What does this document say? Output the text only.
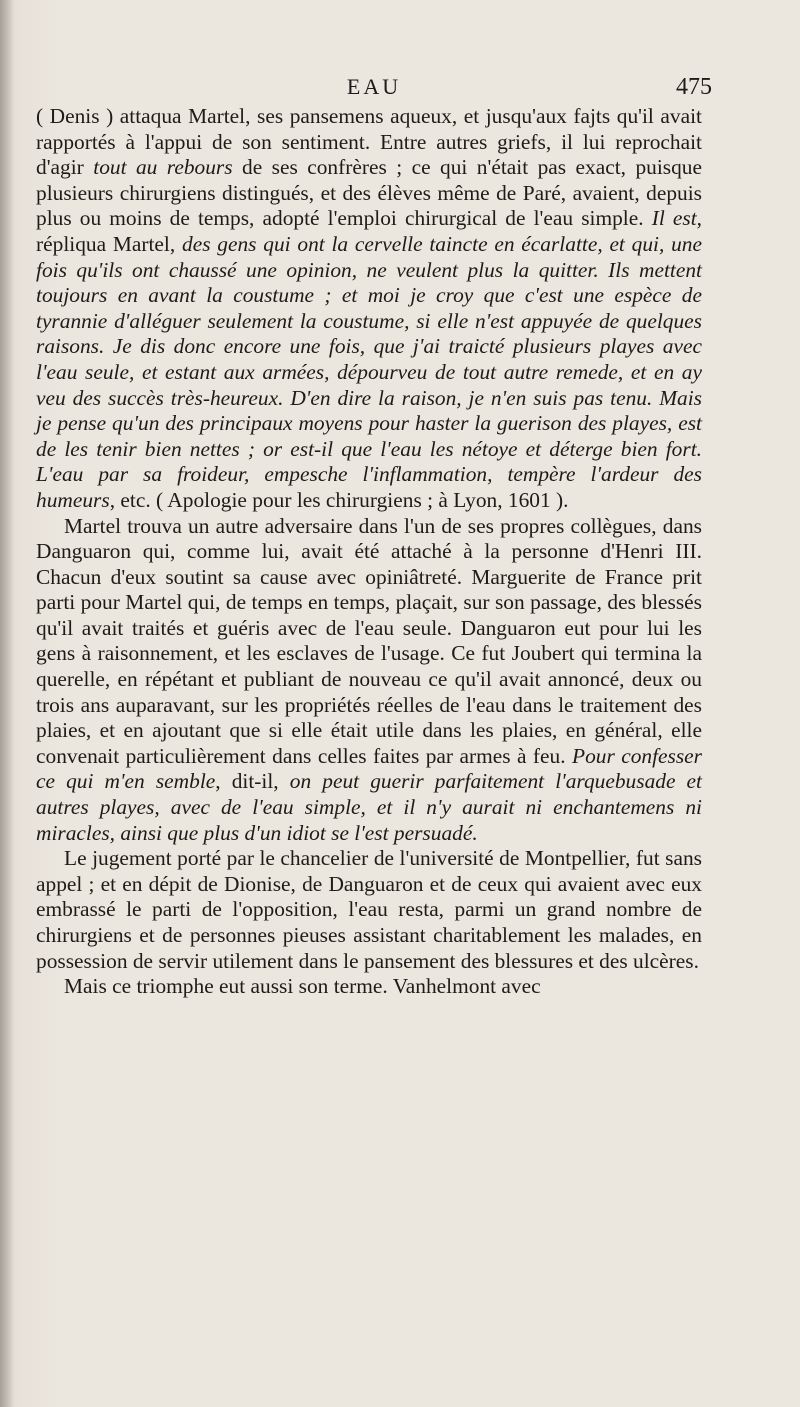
EAU	475

( Denis ) attaqua Martel, ses pansemens aqueux, et jusqu'aux fajts qu'il avait rapportés à l'appui de son sentiment. Entre autres griefs, il lui reprochait d'agir tout au rebours de ses confrères ; ce qui n'était pas exact, puisque plusieurs chirurgiens distingués, et des élèves même de Paré, avaient, depuis plus ou moins de temps, adopté l'emploi chirurgical de l'eau simple. Il est, répliqua Martel, des gens qui ont la cervelle taincte en écarlatte, et qui, une fois qu'ils ont chaussé une opinion, ne veulent plus la quitter. Ils mettent toujours en avant la coustume ; et moi je croy que c'est une espèce de tyrannie d'alléguer seulement la coustume, si elle n'est appuyée de quelques raisons. Je dis donc encore une fois, que j'ai traicté plusieurs playes avec l'eau seule, et estant aux armées, dépourveu de tout autre remede, et en ay veu des succès très-heureux. D'en dire la raison, je n'en suis pas tenu. Mais je pense qu'un des principaux moyens pour haster la guerison des playes, est de les tenir bien nettes ; or est-il que l'eau les nétoye et déterge bien fort. L'eau par sa froideur, empesche l'inflammation, tempère l'ardeur des humeurs, etc. ( Apologie pour les chirurgiens ; à Lyon, 1601 ).

Martel trouva un autre adversaire dans l'un de ses propres collègues, dans Danguaron qui, comme lui, avait été attaché à la personne d'Henri III. Chacun d'eux soutint sa cause avec opiniâtreté. Marguerite de France prit parti pour Martel qui, de temps en temps, plaçait, sur son passage, des blessés qu'il avait traités et guéris avec de l'eau seule. Danguaron eut pour lui les gens à raisonnement, et les esclaves de l'usage. Ce fut Joubert qui termina la querelle, en répétant et publiant de nouveau ce qu'il avait annoncé, deux ou trois ans auparavant, sur les propriétés réelles de l'eau dans le traitement des plaies, et en ajoutant que si elle était utile dans les plaies, en général, elle convenait particulièrement dans celles faites par armes à feu. Pour confesser ce qui m'en semble, dit-il, on peut guerir parfaitement l'arquebusade et autres playes, avec de l'eau simple, et il n'y aurait ni enchantemens ni miracles, ainsi que plus d'un idiot se l'est persuadé.

Le jugement porté par le chancelier de l'université de Montpellier, fut sans appel ; et en dépit de Dionise, de Danguaron et de ceux qui avaient avec eux embrassé le parti de l'opposition, l'eau resta, parmi un grand nombre de chirurgiens et de personnes pieuses assistant charitablement les malades, en possession de servir utilement dans le pansement des blessures et des ulcères.

Mais ce triomphe eut aussi son terme. Vanhelmont avec
